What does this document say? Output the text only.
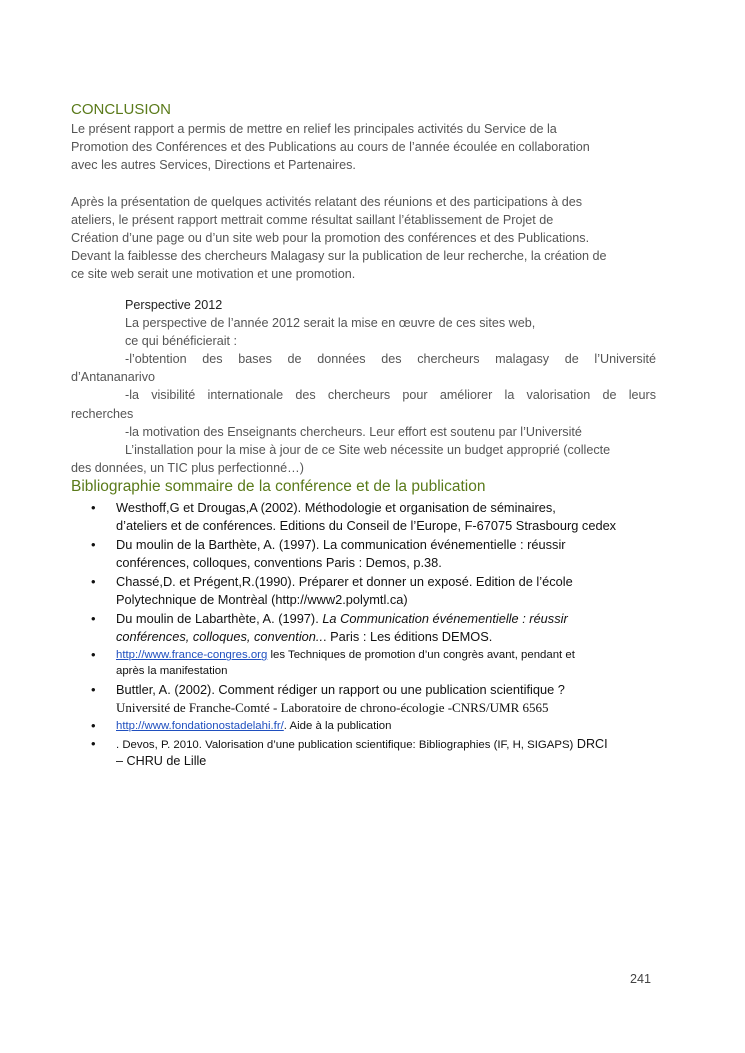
CONCLUSION

Le présent rapport a permis de mettre en relief les principales activités du Service de la

Promotion des Conférences et des Publications au cours de l’année écoulée en collaboration

avec les autres Services, Directions et Partenaires.

Après la présentation de quelques activités relatant des réunions et des participations à des

ateliers, le présent rapport mettrait comme résultat saillant l’établissement de Projet de

Création d’une page ou d’un site web pour la promotion des conférences et des Publications.

Devant la faiblesse des chercheurs Malagasy sur la publication de leur recherche, la création de

ce site web serait une motivation et une promotion.

Perspective 2012

La perspective de l’année 2012 serait la mise en œuvre de ces sites web,

ce qui bénéficierait :

-l’obtention des bases de données des chercheurs malagasy de l’Université

d’Antananarivo

-la visibilité internationale des chercheurs pour améliorer la valorisation de leurs

recherches

-la motivation des Enseignants chercheurs. Leur effort est soutenu par l’Université

L’installation pour la mise à jour de ce Site web nécessite un budget approprié (collecte

des données, un TIC plus perfectionné…)

Bibliographie sommaire de la conférence et de la publication
• Westhoff,G et Drougas,A (2002). Méthodologie et organisation de séminaires,
d’ateliers et de conférences. Editions du Conseil de l’Europe, F-67075 Strasbourg cedex
• Du moulin de la Barthète, A. (1997). La communication événementielle : réussir
conférences, colloques, conventions Paris : Demos, p.38.
• Chassé,D. et Prégent,R.(1990). Préparer et donner un exposé. Edition de l’école
Polytechnique de Montrèal (http://www2.polymtl.ca)
• Du moulin de Labarthète, A. (1997). La Communication événementielle : réussir
conférences, colloques, convention... Paris : Les éditions DEMOS.
• http://www.france-congres.org les Techniques de promotion d’un congrès avant, pendant et
après la manifestation
• Buttler, A. (2002). Comment rédiger un rapport ou une publication scientifique ?
Université de Franche-Comté - Laboratoire de chrono-écologie -CNRS/UMR 6565
• http://www.fondationostadelahi.fr/. Aide à la publication
• . Devos, P. 2010. Valorisation d’une publication scientifique: Bibliographies (IF, H, SIGAPS) DRCI
– CHRU de Lille
241
